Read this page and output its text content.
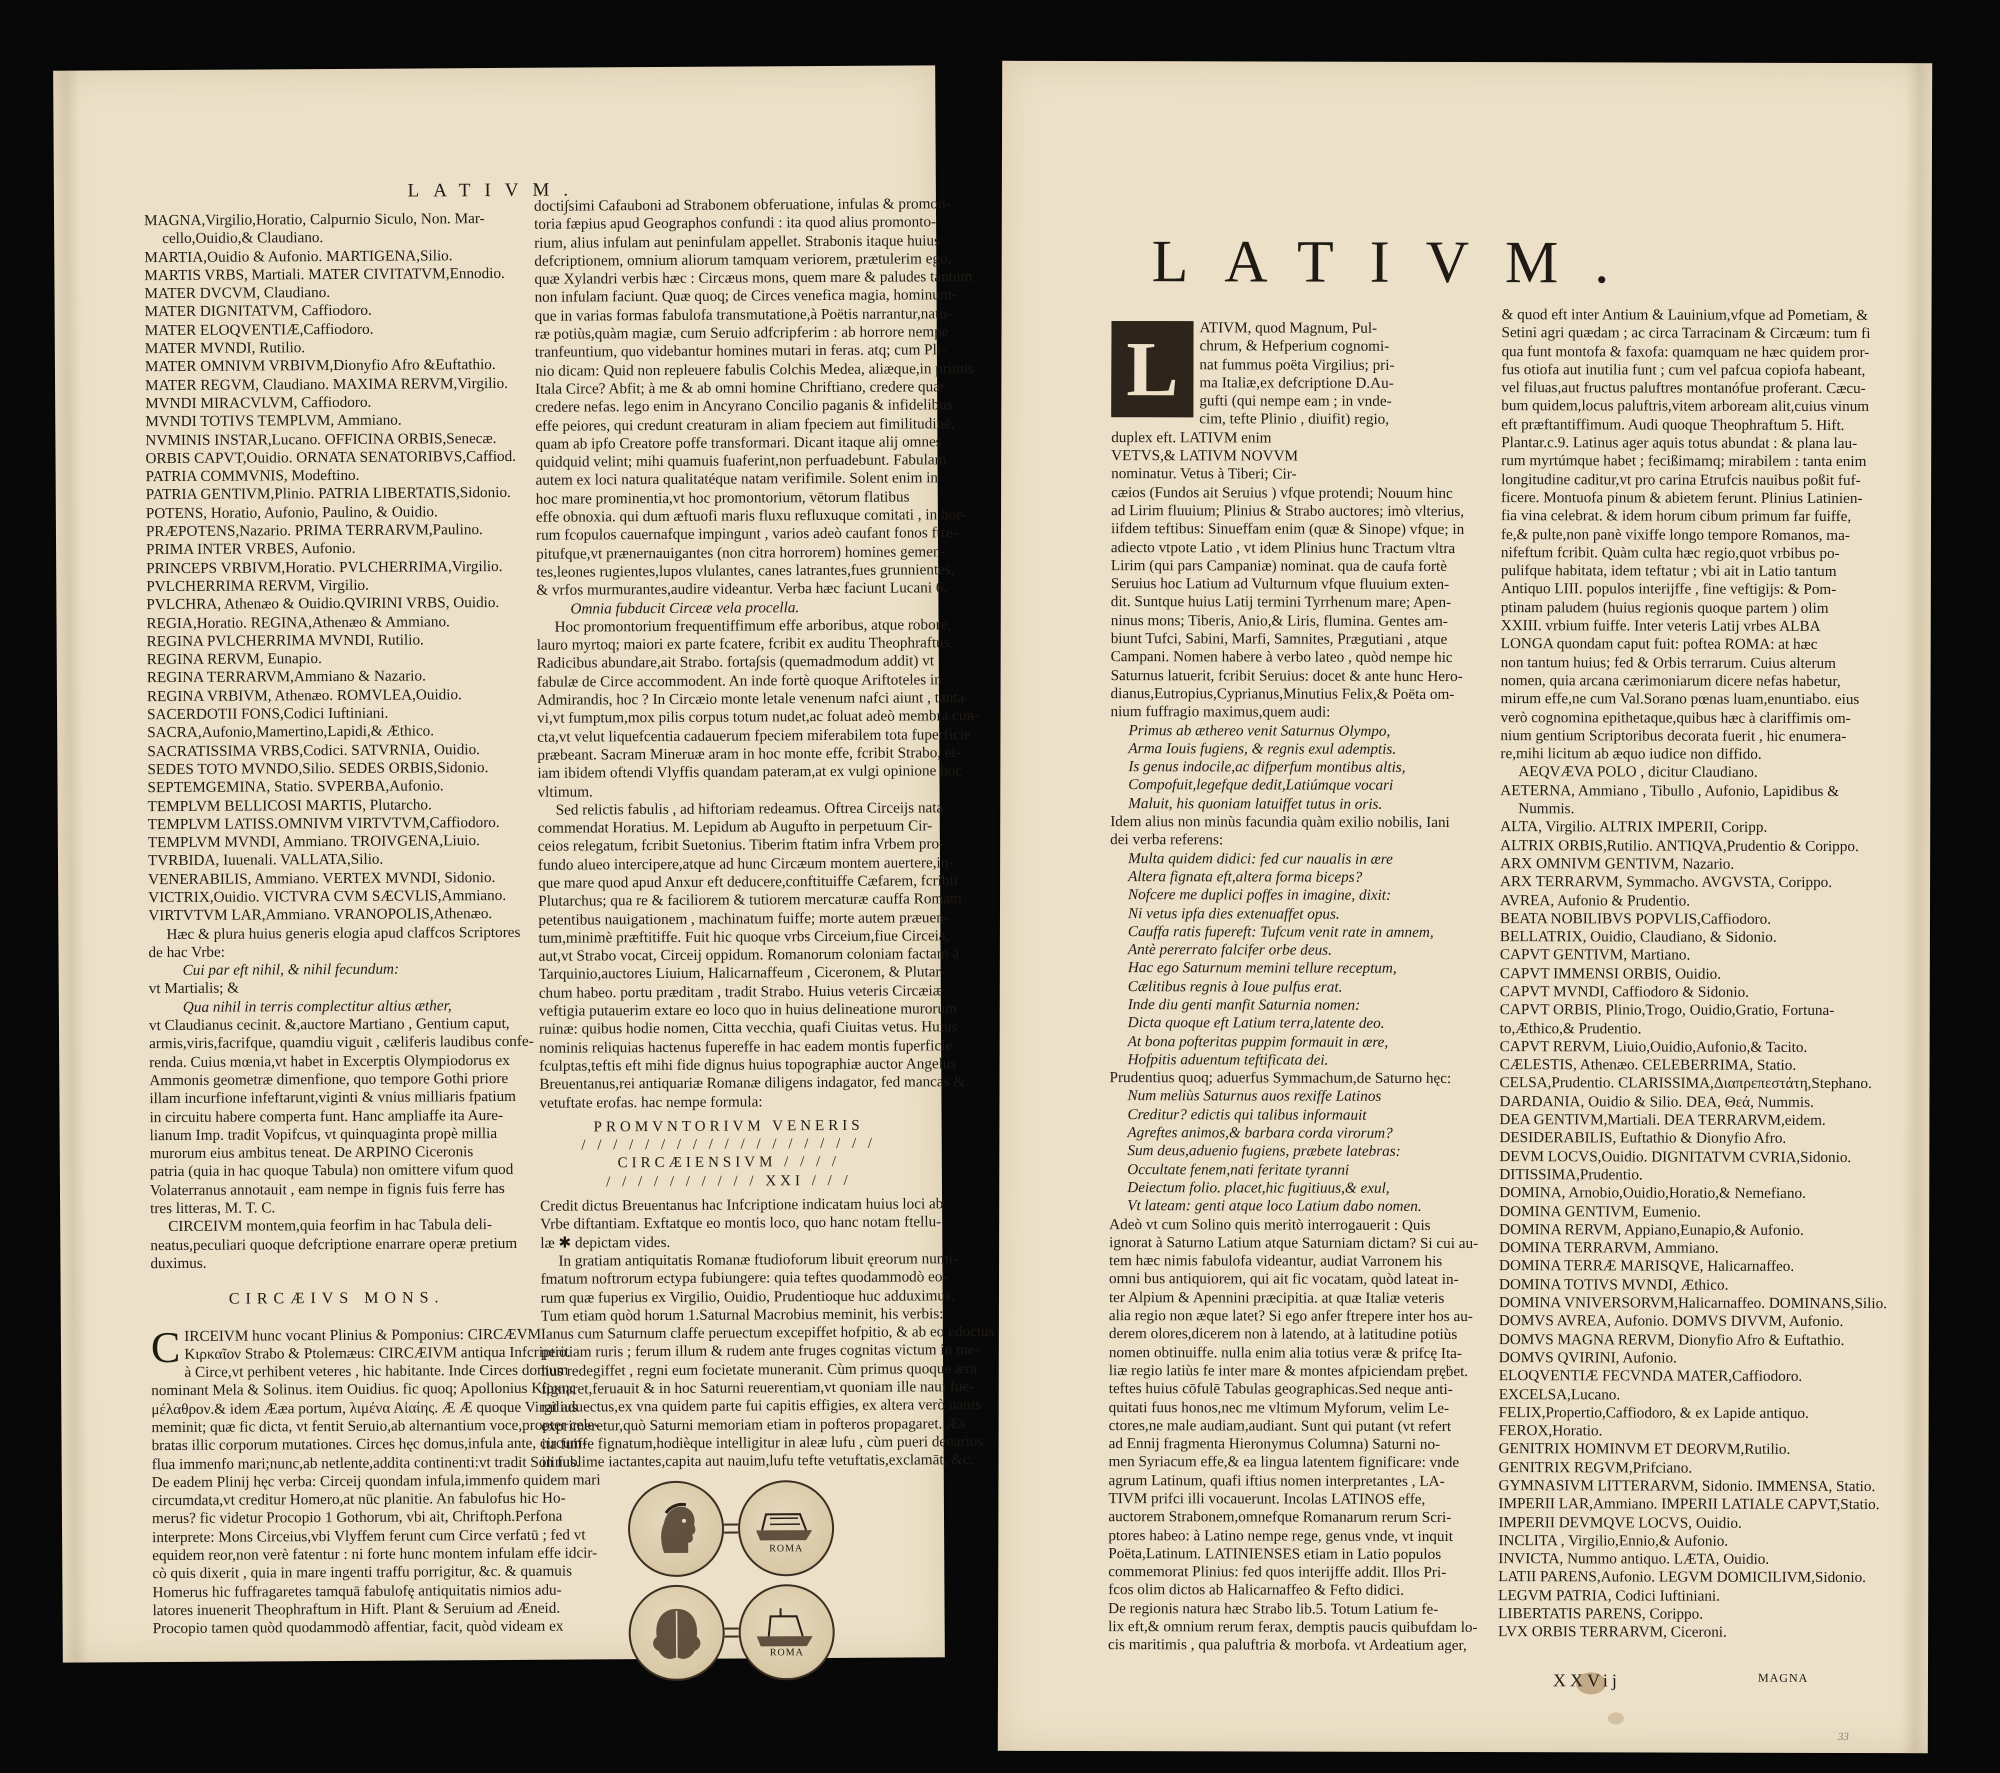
LATIVM.
MAGNA,Virgilio,Horatio, Calpurnio Siculo, Non. Mar-
cello,Ouidio,& Claudiano.
MARTIA,Ouidio & Aufonio. MARTIGENA,Silio.
MARTIS VRBS, Martiali. MATER CIVITATVM,Ennodio.
MATER DVCVM, Claudiano.
MATER DIGNITATVM, Caffiodoro.
MATER ELOQVENTIÆ,Caffiodoro.
MATER MVNDI, Rutilio.
MATER OMNIVM VRBIVM,Dionyfio Afro &Euftathio.
MATER REGVM, Claudiano. MAXIMA RERVM,Virgilio.
MVNDI MIRACVLVM, Caffiodoro.
MVNDI TOTIVS TEMPLVM, Ammiano.
NVMINIS INSTAR,Lucano. OFFICINA ORBIS,Senecæ.
ORBIS CAPVT,Ouidio. ORNATA SENATORIBVS,Caffiod.
PATRIA COMMVNIS, Modeftino.
PATRIA GENTIVM,Plinio. PATRIA LIBERTATIS,Sidonio.
POTENS, Horatio, Aufonio, Paulino, & Ouidio.
PRÆPOTENS,Nazario. PRIMA TERRARVM,Paulino.
PRIMA INTER VRBES, Aufonio.
PRINCEPS VRBIVM,Horatio. PVLCHERRIMA,Virgilio.
PVLCHERRIMA RERVM, Virgilio.
PVLCHRA, Athenæo & Ouidio.QVIRINI VRBS, Ouidio.
REGIA,Horatio. REGINA,Athenæo & Ammiano.
REGINA PVLCHERRIMA MVNDI, Rutilio.
REGINA RERVM, Eunapio.
REGINA TERRARVM,Ammiano & Nazario.
REGINA VRBIVM, Athenæo. ROMVLEA,Ouidio.
SACERDOTII FONS,Codici Iuftiniani.
SACRA,Aufonio,Mamertino,Lapidi,& Æthico.
SACRATISSIMA VRBS,Codici. SATVRNIA, Ouidio.
SEDES TOTO MVNDO,Silio. SEDES ORBIS,Sidonio.
SEPTEMGEMINA, Statio. SVPERBA,Aufonio.
TEMPLVM BELLICOSI MARTIS, Plutarcho.
TEMPLVM LATISS.OMNIVM VIRTVTVM,Caffiodoro.
TEMPLVM MVNDI, Ammiano. TROIVGENA,Liuio.
TVRBIDA, Iuuenali. VALLATA,Silio.
VENERABILIS, Ammiano. VERTEX MVNDI, Sidonio.
VICTRIX,Ouidio. VICTVRA CVM SÆCVLIS,Ammiano.
VIRTVTVM LAR,Ammiano. VRANOPOLIS,Athenæo.
Hæc & plura huius generis elogia apud claffcos Scriptores
de hac Vrbe:
Cui par eft nihil, & nihil fecundum:
vt Martialis; &
Qua nihil in terris complectitur altius æther,
vt Claudianus cecinit. &,auctore Martiano , Gentium caput,
armis,viris,facrifque, quamdiu viguit , cæliferis laudibus confe-
renda. Cuius mœnia,vt habet in Excerptis Olympiodorus ex
Ammonis geometræ dimenfione, quo tempore Gothi priore
illam incurfione infeftarunt,viginti & vnius milliaris fpatium
in circuitu habere comperta funt. Hanc ampliaffe ita Aure-
lianum Imp. tradit Vopifcus, vt quinquaginta propè millia
murorum eius ambitus teneat. De ARPINO Ciceronis
patria (quia in hac quoque Tabula) non omittere vifum quod
Volaterranus annotauit , eam nempe in fignis fuis ferre has
tres litteras, M. T. C.
CIRCEIVM montem,quia feorfim in hac Tabula deli-
neatus,peculiari quoque defcriptione enarrare operæ pretium
duximus.
CIRCÆIVS MONS.
C IRCEIVM hunc vocant Plinius & Pomponius: CIRCÆVM
Κιρκαῖον Strabo & Ptolemæus: CIRCÆIVM antiqua Infcriptio.
à Circe,vt perhibent veteres , hic habitante. Inde Circes domum
nominant Mela & Solinus. item Ouidius. fic quoq; Apollonius Κίρκης
μέλαθρον.& idem Ææa portum, λιμένα Αἰαίης. Æ Æ quoque Virgilius
meminit; quæ fic dicta, vt fentit Seruio,ab alternantium voce,propter cele-
bratas illic corporum mutationes. Circes hęc domus,infula ante, circum-
flua immenfo mari;nunc,ab netlente,addita continenti:vt tradit Solinus.
De eadem Plinij hęc verba: Circeij quondam infula,immenfo quidem mari
circumdata,vt creditur Homero,at nūc planitie. An fabulofus hic Ho-
merus? fic videtur Procopio 1 Gothorum, vbi ait, Chriftoph.Perfona
interprete: Mons Circeius,vbi Vlyffem ferunt cum Circe verfatū ; fed vt
equidem reor,non verè fatentur : ni forte hunc montem infulam effe idcir-
cò quis dixerit , quia in mare ingenti traffu porrigitur, &c. & quamuis
Homerus hic fuffragaretes tamquā fabulofę antiquitatis nimios adu-
latores inuenerit Theophraftum in Hift. Plant & Seruium ad Æneid.
Procopio tamen quòd quodammodò affentiar, facit, quòd videam ex
docti∫simi Cafauboni ad Strabonem obferuatione, infulas & promon-
toria fæpius apud Geographos confundi : ita quod alius promonto-
rium, alius infulam aut peninfulam appellet. Strabonis itaque huius
defcriptionem, omnium aliorum tamquam veriorem, prætulerim ego,
quæ Xylandri verbis hæc : Circæus mons, quem mare & paludes tantum
non infulam faciunt. Quæ quoq; de Circes venefica magia, hominum-
que in varias formas fabulofa transmutatione,à Poëtis narrantur,natu-
ræ potiùs,quàm magiæ, cum Seruio adfcripferim : ab horrore nempe
tranfeuntium, quo videbantur homines mutari in feras. atq; cum Pli-
nio dicam: Quid non repleuere fabulis Colchis Medea, aliæque,in primis
Itala Circe? Abfit; à me & ab omni homine Chriftiano, credere quæ
credere nefas. lego enim in Ancyrano Concilio paganis & infidelibus
effe peiores, qui credunt creaturam in aliam fpeciem aut fimilitudinē,
quam ab ipfo Creatore poffe transformari. Dicant itaque alij omnes
quidquid velint; mihi quamuis fuaferint,non perfuadebunt. Fabulam
autem ex loci natura qualitatéque natam verifimile. Solent enim in
hoc mare prominentia,vt hoc promontorium, vētorum flatibus
effe obnoxia. qui dum æftuofi maris fluxu refluxuque comitati , in hor-
rum fcopulos cauernafque impingunt , varios adeò caufant fonos ftre-
pitufque,vt prænernauigantes (non citra horrorem) homines gemen-
tes,leones rugientes,lupos vlulantes, canes latrantes,fues grunnientes,
& vrfos murmurantes,audire videantur. Verba hæc faciunt Lucani 6.
Omnia fubducit Circeæ vela procella.
Hoc promontorium frequentiffimum effe arboribus, atque robore,
lauro myrtoq; maiori ex parte fcatere, fcribit ex auditu Theophraftus.
Radicibus abundare,ait Strabo. forta∫sis (quemadmodum addit) vt
fabulæ de Circe accommodent. An inde fortè quoque Ariftoteles in
Admirandis, hoc ? In Circæio monte letale venenum nafci aiunt , tanta
vi,vt fumptum,mox pilis corpus totum nudet,ac foluat adeò membra cun-
cta,vt velut liquefcentia cadauerum fpeciem miferabilem tota fuperficie
præbeant. Sacram Mineruæ aram in hoc monte effe, fcribit Strabo, et-
iam ibidem oftendi Vlyffis quandam pateram,at ex vulgi opinione hoc
vltimum.
Sed relictis fabulis , ad hiftoriam redeamus. Oftrea Circeijs nata
commendat Horatius. M. Lepidum ab Augufto in perpetuum Cir-
ceios relegatum, fcribit Suetonius. Tiberim ftatim infra Vrbem pro-
fundo alueo intercipere,atque ad hunc Circæum montem auertere,in-
que mare quod apud Anxur eft deducere,conftituiffe Cæfarem, fcribit
Plutarchus; qua re & faciliorem & tutiorem mercaturæ cauffa Romam
petentibus nauigationem , machinatum fuiffe; morte autem præuen-
tum,minimè præftitiffe. Fuit hic quoque vrbs Circeium,fiue Circeia,
aut,vt Strabo vocat, Circeij oppidum. Romanorum coloniam factam à
Tarquinio,auctores Liuium, Halicarnaffeum , Ciceronem, & Plutar-
chum habeo. portu præditam , tradit Strabo. Huius veteris Circæiæ
veftigia putauerim extare eo loco quo in huius delineatione murorum
ruinæ: quibus hodie nomen, Citta vecchia, quafi Ciuitas vetus. Huius
nominis reliquias hactenus fupereffe in hac eadem montis fuperficie
fculptas,teftis eft mihi fide dignus huius topographiæ auctor Angelus
Breuentanus,rei antiquariæ Romanæ diligens indagator, fed mancas &
vetuftate erofas. hac nempe formula:
PROMVNTORIVM VENERIS
/ / / / / / / / / / / / / / / / / / /
CIRCÆIENSIVM / / / /
/ / / / / / / / / / XXI / / /
Credit dictus Breuentanus hac Infcriptione indicatam huius loci ab
Vrbe diftantiam. Exftatque eo montis loco, quo hanc notam ftellu-
læ ✱ depictam vides.
In gratiam antiquitatis Romanæ ftudioforum libuit ęreorum numi-
fmatum noftrorum ectypa fubiungere: quia teftes quodammodò eo-
rum quæ fuperius ex Virgilio, Ouidio, Prudentioque huc adduximus.
Tum etiam quòd horum 1.Saturnal Macrobius meminit, his verbis:
Ianus cum Saturnum claffe peruectum excepiffet hofpitio, & ab eo edoctus
peritiam ruris ; ferum illum & rudem ante fruges cognitas victum in me-
lius redegiffet , regni eum focietate muneranit. Cùm primus quoque æra
fignaret,feruauit & in hoc Saturni reuerentiam,vt quoniam ille naui fue-
rat aduectus,ex vna quidem parte fui capitis effigies, ex altera verò nauis
exprimeretur,quò Saturni memoriam etiam in pofteros propagaret. Æs
ita fuiffe fignatum,hodièque intelligitur in aleæ lufu , cùm pueri denarios
in fublime iactantes,capita aut nauim,lufu tefte vetuftatis,exclamāt, &c.
ROMA
ROMA
LATIVM.
L	ATIVM, quod Magnum, Pul-
chrum, & Hefperium cognomi-
nat fummus poëta Virgilius; pri-
ma Italiæ,ex defcriptione D.Au-
gufti (qui nempe eam ; in vnde-
cim, tefte Plinio , diuifit) regio,
duplex eft. LATIVM enim
VETVS,& LATIVM NOVVM
nominatur. Vetus à Tiberi; Cir-
cæios (Fundos ait Seruius ) vfque protendi; Nouum hinc
ad Lirim fluuium; Plinius & Strabo auctores; imò vlterius,
iifdem teftibus: Sinueffam enim (quæ & Sinope) vfque; in
adiecto vtpote Latio , vt idem Plinius hunc Tractum vltra
Lirim (qui pars Campaniæ) nominat. qua de caufa fortè
Seruius hoc Latium ad Vulturnum vfque fluuium exten-
dit. Suntque huius Latij termini Tyrrhenum mare; Apen-
ninus mons; Tiberis, Anio,& Liris, flumina. Gentes am-
biunt Tufci, Sabini, Marfi, Samnites, Prægutiani , atque
Campani. Nomen habere à verbo lateo , quòd nempe hic
Saturnus latuerit, fcribit Seruius: docet & ante hunc Hero-
dianus,Eutropius,Cyprianus,Minutius Felix,& Poëta om-
nium fuffragio maximus,quem audi:
Primus ab æthereo venit Saturnus Olympo,
Arma Iouis fugiens, & regnis exul ademptis.
Is genus indocile,ac difperfum montibus altis,
Compofuit,legefque dedit,Latiúmque vocari
Maluit, his quoniam latuiffet tutus in oris.
Idem alius non minùs facundia quàm exilio nobilis, Iani
dei verba referens:
Multa quidem didici: fed cur naualis in ære
Altera fignata eft,altera forma biceps?
Nofcere me duplici poffes in imagine, dixit:
Ni vetus ipfa dies extenuaffet opus.
Cauffa ratis fupereft: Tufcum venit rate in amnem,
Antè pererrato falcifer orbe deus.
Hac ego Saturnum memini tellure receptum,
Cælitibus regnis à Ioue pulfus erat.
Inde diu genti manfit Saturnia nomen:
Dicta quoque eft Latium terra,latente deo.
At bona pofteritas puppim formauit in ære,
Hofpitis aduentum teftificata dei.
Prudentius quoq; aduerfus Symmachum,de Saturno hęc:
Num meliùs Saturnus auos rexiffe Latinos
Creditur? edictis qui talibus informauit
Agreftes animos,& barbara corda virorum?
Sum deus,aduenio fugiens, præbete latebras:
Occultate fenem,nati feritate tyranni
Deiectum folio. placet,hic fugitiuus,& exul,
Vt lateam: genti atque loco Latium dabo nomen.
Adeò vt cum Solino quis meritò interrogauerit : Quis
ignorat à Saturno Latium atque Saturniam dictam? Si cui au-
tem hæc nimis fabulofa videantur, audiat Varronem his
omni bus antiquiorem, qui ait fic vocatam, quòd lateat in-
ter Alpium & Apennini præcipitia. at quæ Italiæ veteris
alia regio non æque latet? Si ego anfer ftrepere inter hos au-
derem olores,dicerem non à latendo, at à latitudine potiùs
nomen obtinuiffe. nulla enim alia totius veræ & prifcę Ita-
liæ regio latiùs fe inter mare & montes afpiciendam pręḃet.
teftes huius cōfulē Tabulas geographicas.Sed neque anti-
quitati fuus honos,nec me vltimum Myforum, velim Le-
ctores,ne male audiam,audiant. Sunt qui putant (vt refert
ad Ennij fragmenta Hieronymus Columna) Saturni no-
men Syriacum effe,& ea lingua latentem fignificare: vnde
agrum Latinum, quafi iftius nomen interpretantes , LA-
TIVM prifci illi vocauerunt. Incolas LATINOS effe,
auctorem Strabonem,omnefque Romanarum rerum Scri-
ptores habeo: à Latino nempe rege, genus vnde, vt inquit
Poëta,Latinum. LATINIENSES etiam in Latio populos
commemorat Plinius: fed quos interijffe addit. Illos Pri-
fcos olim dictos ab Halicarnaffeo & Fefto didici.
De regionis natura hæc Strabo lib.5. Totum Latium fe-
lix eft,& omnium rerum ferax, demptis paucis quibufdam lo-
cis maritimis , qua paluftria & morbofa. vt Ardeatium ager,
& quod eft inter Antium & Lauinium,vfque ad Pometiam, &
Setini agri quædam ; ac circa Tarracinam & Circæum: tum fi
qua funt montofa & faxofa: quamquam ne hæc quidem pror-
fus otiofa aut inutilia funt ; cum vel pafcua copiofa habeant,
vel filuas,aut fructus paluftres montanófue proferant. Cæcu-
bum quidem,locus paluftris,vitem arboream alit,cuius vinum
eft præftantiffimum. Audi quoque Theophraftum 5. Hift.
Plantar.c.9. Latinus ager aquis totus abundat : & plana lau-
rum myrtúmque habet ; fecißimamq; mirabilem : tanta enim
longitudine caditur,vt pro carina Etrufcis nauibus poßit fuf-
ficere. Montuofa pinum & abietem ferunt. Plinius Latinien-
fia vina celebrat. & idem horum cibum primum far fuiffe,
fe,& pulte,non panè vixiffe longo tempore Romanos, ma-
nifeftum fcribit. Quàm culta hæc regio,quot vrbibus po-
pulifque habitata, idem teftatur ; vbi ait in Latio tantum
Antiquo LIII. populos interijffe , fine veftigijs: & Pom-
ptinam paludem (huius regionis quoque partem ) olim
XXIII. vrbium fuiffe. Inter veteris Latij vrbes ALBA
LONGA quondam caput fuit: poftea ROMA: at hæc
non tantum huius; fed & Orbis terrarum. Cuius alterum
nomen, quia arcana cærimoniarum dicere nefas habetur,
mirum effe,ne cum Val.Sorano pœnas luam,enuntiabo. eius
verò cognomina epithetaque,quibus hæc à clariffimis om-
nium gentium Scriptoribus decorata fuerit , hic enumera-
re,mihi licitum ab æquo iudice non diffido.
AEQVÆVA POLO , dicitur Claudiano.
AETERNA, Ammiano , Tibullo , Aufonio, Lapidibus &
Nummis.
ALTA, Virgilio. ALTRIX IMPERII, Coripp.
ALTRIX ORBIS,Rutilio. ANTIQVA,Prudentio & Corippo.
ARX OMNIVM GENTIVM, Nazario.
ARX TERRARVM, Symmacho. AVGVSTA, Corippo.
AVREA, Aufonio & Prudentio.
BEATA NOBILIBVS POPVLIS,Caffiodoro.
BELLATRIX, Ouidio, Claudiano, & Sidonio.
CAPVT GENTIVM, Martiano.
CAPVT IMMENSI ORBIS, Ouidio.
CAPVT MVNDI, Caffiodoro & Sidonio.
CAPVT ORBIS, Plinio,Trogo, Ouidio,Gratio, Fortuna-
to,Æthico,& Prudentio.
CAPVT RERVM, Liuio,Ouidio,Aufonio,& Tacito.
CÆLESTIS, Athenæo. CELEBERRIMA, Statio.
CELSA,Prudentio. CLARISSIMA,Διαπρεπεστάτη,Stephano.
DARDANIA, Ouidio & Silio. DEA, Θεά, Nummis.
DEA GENTIVM,Martiali. DEA TERRARVM,eidem.
DESIDERABILIS, Euftathio & Dionyfio Afro.
DEVM LOCVS,Ouidio. DIGNITATVM CVRIA,Sidonio.
DITISSIMA,Prudentio.
DOMINA, Arnobio,Ouidio,Horatio,& Nemefiano.
DOMINA GENTIVM, Eumenio.
DOMINA RERVM, Appiano,Eunapio,& Aufonio.
DOMINA TERRARVM, Ammiano.
DOMINA TERRÆ MARISQVE, Halicarnaffeo.
DOMINA TOTIVS MVNDI, Æthico.
DOMINA VNIVERSORVM,Halicarnaffeo. DOMINANS,Silio.
DOMVS AVREA, Aufonio. DOMVS DIVVM, Aufonio.
DOMVS MAGNA RERVM, Dionyfio Afro & Euftathio.
DOMVS QVIRINI, Aufonio.
ELOQVENTIÆ FECVNDA MATER,Caffiodoro.
EXCELSA,Lucano.
FELIX,Propertio,Caffiodoro, & ex Lapide antiquo.
FEROX,Horatio.
GENITRIX HOMINVM ET DEORVM,Rutilio.
GENITRIX REGVM,Prifciano.
GYMNASIVM LITTERARVM, Sidonio. IMMENSA, Statio.
IMPERII LAR,Ammiano. IMPERII LATIALE CAPVT,Statio.
IMPERII DEVMQVE LOCVS, Ouidio.
INCLITA , Virgilio,Ennio,& Aufonio.
INVICTA, Nummo antiquo. LÆTA, Ouidio.
LATII PARENS,Aufonio. LEGVM DOMICILIVM,Sidonio.
LEGVM PATRIA, Codici Iuftiniani.
LIBERTATIS PARENS, Corippo.
LVX ORBIS TERRARVM, Ciceroni.
XXVij	MAGNA
33
